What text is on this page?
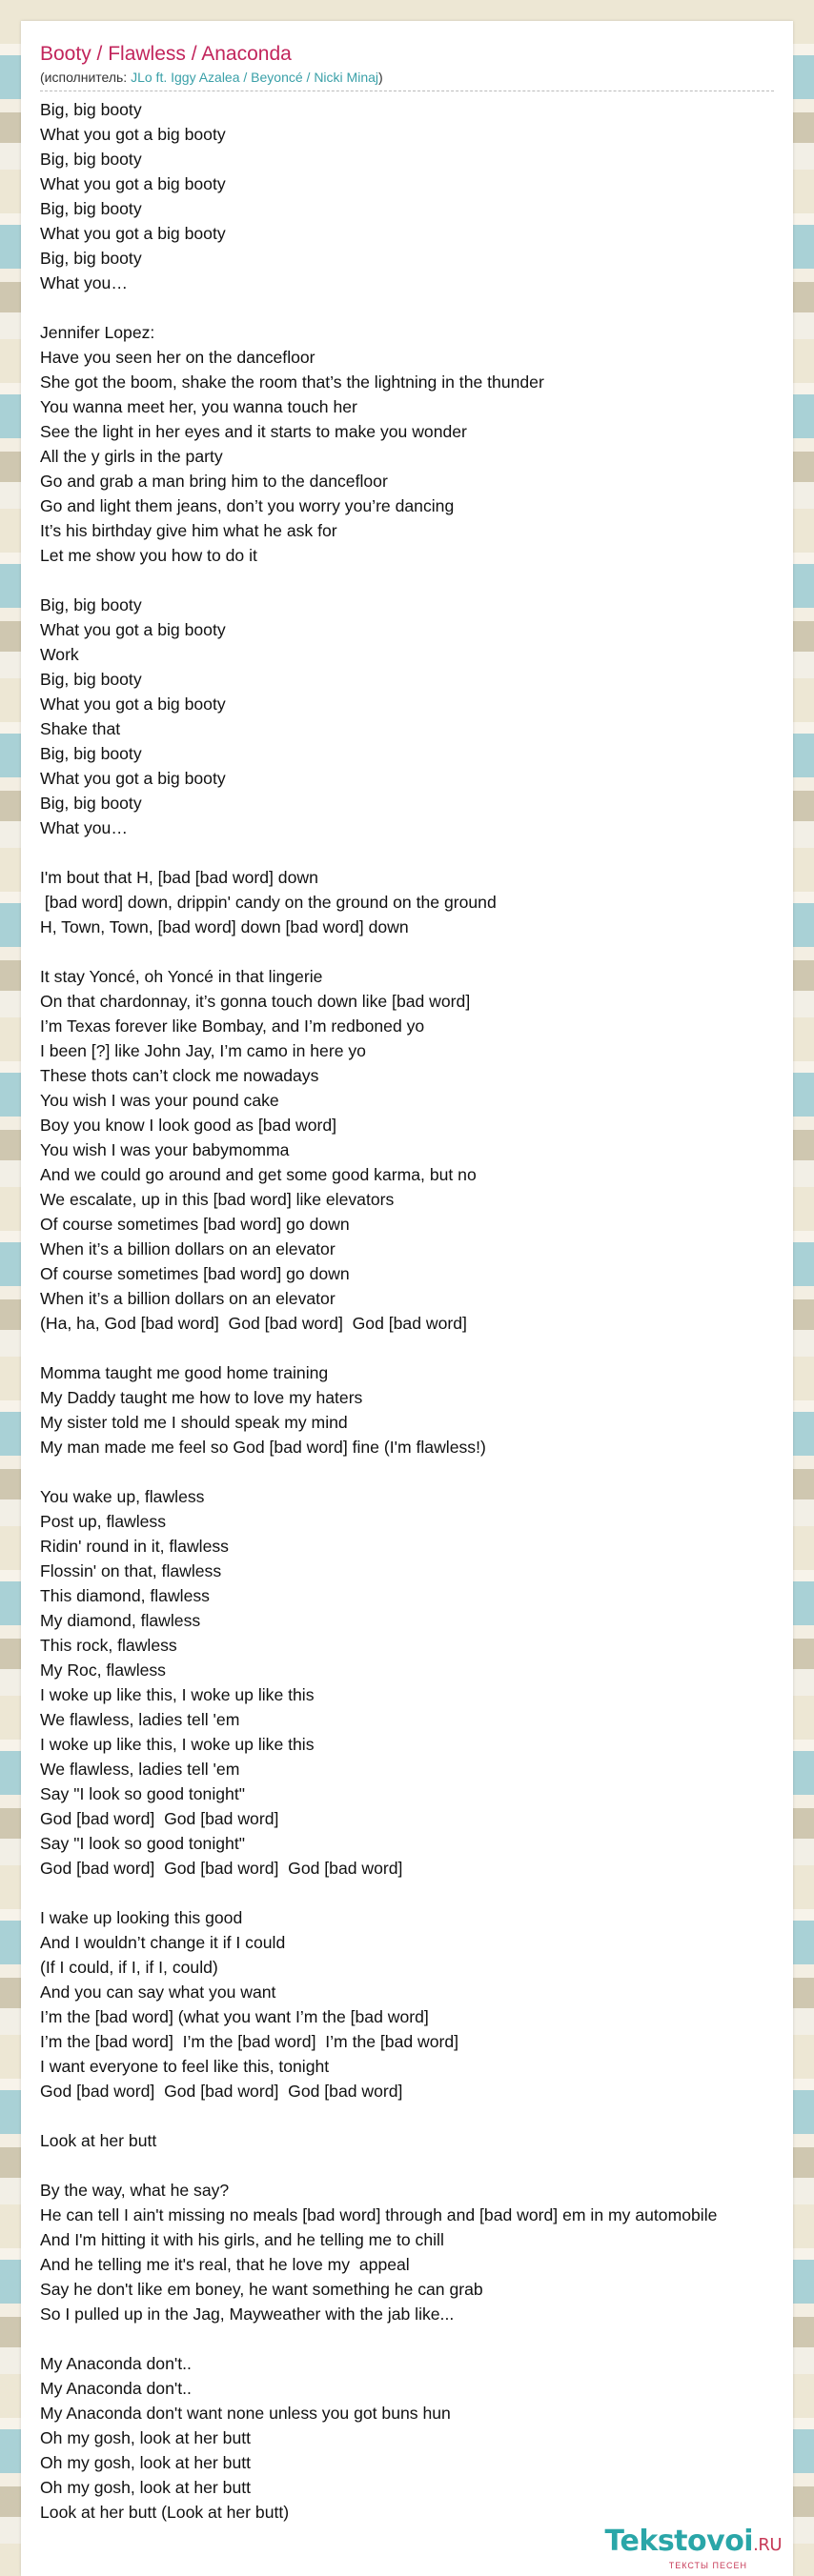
Booty / Flawless / Anaconda
(исполнитель: JLo ft. Iggy Azalea / Beyoncé / Nicki Minaj)
Big, big booty
What you got a big booty
Big, big booty
What you got a big booty
Big, big booty
What you got a big booty
Big, big booty
What you…
Jennifer Lopez:
Have you seen her on the dancefloor
She got the boom, shake the room that’s the lightning in the thunder
You wanna meet her, you wanna touch her
See the light in her eyes and it starts to make you wonder
All the y girls in the party
Go and grab a man bring him to the dancefloor
Go and light them jeans, don’t you worry you’re dancing
It’s his birthday give him what he ask for
Let me show you how to do it
Big, big booty
What you got a big booty
Work
Big, big booty
What you got a big booty
Shake that
Big, big booty
What you got a big booty
Big, big booty
What you…
I'm bout that H, [bad [bad word] down
[bad word] down, drippin' candy on the ground on the ground
H, Town, Town, [bad word] down [bad word] down
It stay Yoncé, oh Yoncé in that lingerie
On that chardonnay, it’s gonna touch down like [bad word]
I’m Texas forever like Bombay, and I’m redboned yo
I been [?] like John Jay, I’m camo in here yo
These thots can’t clock me nowadays
You wish I was your pound cake
Boy you know I look good as [bad word]
You wish I was your babymomma
And we could go around and get some good karma, but no
We escalate, up in this [bad word] like elevators
Of course sometimes [bad word] go down
When it’s a billion dollars on an elevator
Of course sometimes [bad word] go down
When it’s a billion dollars on an elevator
(Ha, ha, God [bad word]  God [bad word]  God [bad word]
Momma taught me good home training
My Daddy taught me how to love my haters
My sister told me I should speak my mind
My man made me feel so God [bad word] fine (I'm flawless!)
You wake up, flawless
Post up, flawless
Ridin' round in it, flawless
Flossin' on that, flawless
This diamond, flawless
My diamond, flawless
This rock, flawless
My Roc, flawless
I woke up like this, I woke up like this
We flawless, ladies tell 'em
I woke up like this, I woke up like this
We flawless, ladies tell 'em
Say "I look so good tonight"
God [bad word]  God [bad word]
Say "I look so good tonight"
God [bad word]  God [bad word]  God [bad word]
I wake up looking this good
And I wouldn’t change it if I could
(If I could, if I, if I, could)
And you can say what you want
I’m the [bad word] (what you want I’m the [bad word]
I’m the [bad word]  I’m the [bad word]  I’m the [bad word]
I want everyone to feel like this, tonight
God [bad word]  God [bad word]  God [bad word]
Look at her butt
By the way, what he say?
He can tell I ain't missing no meals [bad word] through and [bad word] em in my automobile
And I'm hitting it with his girls, and he telling me to chill
And he telling me it's real, that he love my  appeal
Say he don't like em boney, he want something he can grab
So I pulled up in the Jag, Mayweather with the jab like...
My Anaconda don't..
My Anaconda don't..
My Anaconda don't want none unless you got buns hun
Oh my gosh, look at her butt
Oh my gosh, look at her butt
Oh my gosh, look at her butt
Look at her butt (Look at her butt)
Tekstovoi.RU
ТЕКСТЫ ПЕСЕН
